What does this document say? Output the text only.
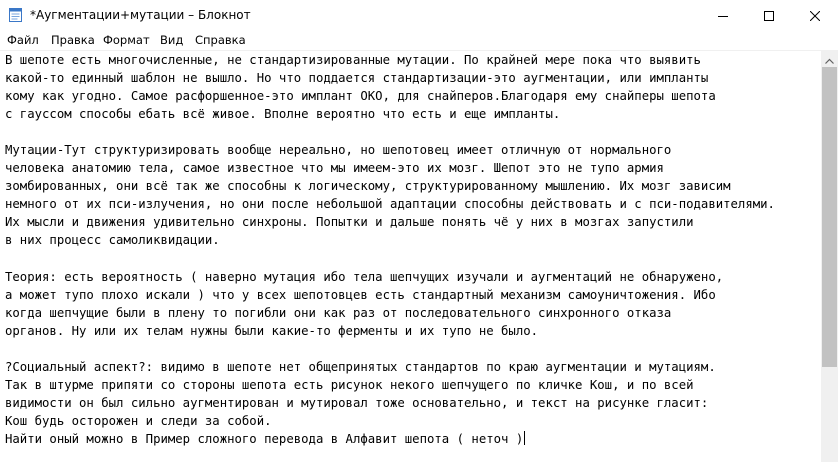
*Аугментации+мутации – Блокнот
Файл Правка Формат Вид Справка
В шепоте есть многочисленные, не стандартизированные мутации. По крайней мере пока что выявить
какой-то единный шаблон не вышло. Но что поддается стандартизации-это аугментации, или импланты
кому как угодно. Самое расфоршенное-это имплант ОКО, для снайперов.Благодаря ему снайперы шепота
с гауссом способы ебать всё живое. Вполне вероятно что есть и еще импланты.

Мутации-Тут структуризировать вообще нереально, но шепотовец имеет отличную от нормального
человека анатомию тела, самое известное что мы имеем-это их мозг. Шепот это не тупо армия
зомбированных, они всё так же способны к логическому, структурированному мышлению. Их мозг зависим
немного от их пси-излучения, но они после небольшой адаптации способны действовать и с пси-подавителями.
Их мысли и движения удивительно синхроны. Попытки и дальше понять чё у них в мозгах запустили
в них процесс самоликвидации.

Теория: есть вероятность ( наверно мутация ибо тела шепчущих изучали и аугментаций не обнаружено,
а может тупо плохо искали ) что у всех шепотовцев есть стандартный механизм самоуничтожения. Ибо
когда шепчущие были в плену то погибли они как раз от последовательного синхронного отказа
органов. Ну или их телам нужны были какие-то ферменты и их тупо не было.

?Социальный аспект?: видимо в шепоте нет общепринятых стандартов по краю аугментации и мутациям.
Так в штурме припяти со стороны шепота есть рисунок некого шепчущего по кличке Кош, и по всей
видимости он был сильно аугментирован и мутировал тоже основательно, и текст на рисунке гласит:
Кош будь осторожен и следи за собой.
Найти оный можно в Пример сложного перевода в Алфавит шепота ( неточ )
